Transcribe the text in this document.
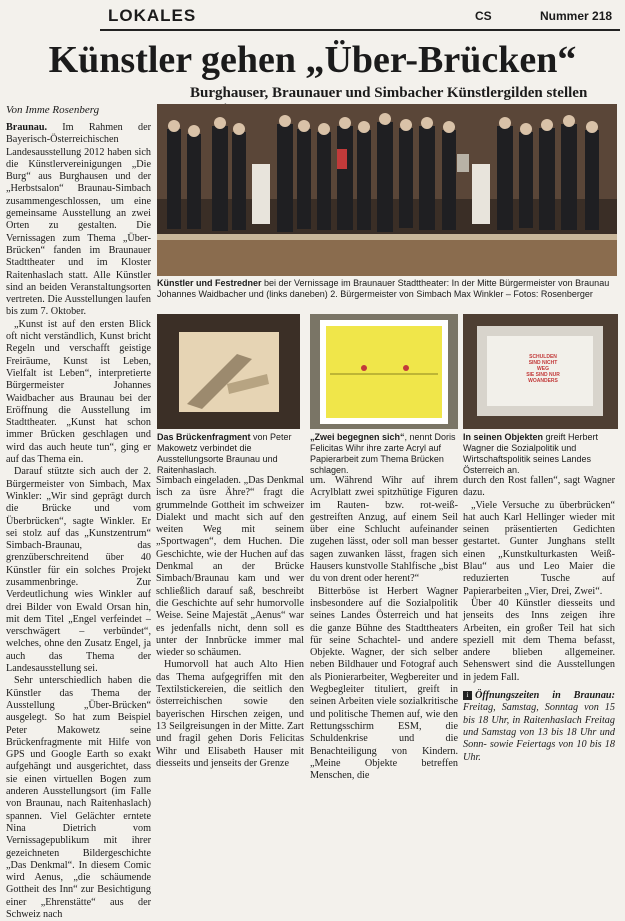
LOKALES	CS	Nummer 218
Künstler gehen „Über-Brücken“
Burghauser, Braunauer und Simbacher Künstlergilden stellen
Von Imme Rosenberg

Braunau. Im Rahmen der Bayerisch-Österreichischen Landesausstellung 2012 haben sich die Künstlervereinigungen „Die Burg“ aus Burghausen und der „Herbstsalon“ Braunau-Simbach zusammengeschlossen, um eine gemeinsame Ausstellung an zwei Orten zu gestalten. Die Vernissagen zum Thema „Über-Brücken“ fanden im Braunauer Stadttheater und im Kloster Raitenhaslach statt. Alle Künstler sind an beiden Veranstaltungsorten vertreten. Die Ausstellungen laufen bis zum 7. Oktober.

„Kunst ist auf den ersten Blick oft nicht verständlich, Kunst bricht Regeln und verschafft geistige Freiräume, Kunst ist Leben, Vielfalt ist Leben“, interpretierte Bürgermeister Johannes Waidbacher aus Braunau bei der Eröffnung die Ausstellung im Stadttheater. „Kunst hat schon immer Brücken geschlagen und wird das auch heute tun“, ging er auf das Thema ein.

Darauf stützte sich auch der 2. Bürgermeister von Simbach, Max Winkler: „Wir sind geprägt durch die Brücke und vom Überbrücken“, sagte Winkler. Er sei stolz auf das „Kunstzentrum“ Simbach-Braunau, das grenzüberschreitend über 40 Künstler für ein solches Projekt zusammenbringe. Zur Verdeutlichung wies Winkler auf drei Bilder von Ewald Orsan hin, mit dem Titel „Engel verfeindet – verschwägert – verbündet“, welches, ohne den Zusatz Engel, ja auch das Thema der Landesausstellung sei.

Sehr unterschiedlich haben die Künstler das Thema der Ausstellung „Über-Brücken“ ausgelegt. So hat zum Beispiel Peter Makowetz seine Brückenfragmente mit Hilfe von GPS und Google Earth so exakt aufgehängt und ausgerichtet, dass sie einen virtuellen Bogen zum anderen Ausstellungsort (im Falle von Braunau, nach Raitenhaslach) spannen. Viel Gelächter erntete Nina Dietrich vom Vernissagepublikum mit ihrer gezeichneten Bildergeschichte „Das Denkmal“. In diesem Comic wird Aenus, „die schäumende Gottheit des Inn“ zur Besichtigung einer „Ehrenstätte“ aus der Schweiz nach

Künstler und Festredner bei der Vernissage im Braunauer Stadttheater: In der Mitte Bürgermeister von Braunau Johannes Waidbacher und (links daneben) 2. Bürgermeister von Simbach Max Winkler – Fotos: Rosenberger
Das Brückenfragment von Peter Makowetz verbindet die Ausstellungsorte Braunau und Raitenhaslach.
„Zwei begegnen sich“, nennt Doris Felicitas Wihr ihre zarte Acryl auf Papierarbeit zum Thema Brücken schlagen.
SCHULDEN
SIND NICHT
WEG
SIE SIND NUR
WOANDERS
In seinen Objekten greift Herbert Wagner die Sozialpolitik und Wirtschaftspolitik seines Landes Österreich an.

Simbach eingeladen. „Das Denkmal isch za üsre Ähre?“ fragt die grummelnde Gottheit im schweizer Dialekt und macht sich auf den weiten Weg mit seinem „Sportwagen“, dem Huchen. Die Geschichte, wie der Huchen auf das Denkmal an der Brücke Simbach/Braunau kam und wer schließlich darauf saß, beschreibt die Geschichte auf sehr humorvolle Weise. Seine Majestät „Aenus“ war es jedenfalls nicht, denn soll es unter der Innbrücke immer mal wieder so schäumen.

Humorvoll hat auch Alto Hien das Thema aufgegriffen mit den Textilstickereien, die seitlich den österreichischen sowie den bayerischen Hirschen zeigen, und 13 Seilgreisungen in der Mitte. Zart und fragil gehen Doris Felicitas Wihr und Elisabeth Hauser mit diesseits und jenseits der Grenze

um. Während Wihr auf ihrem Acrylblatt zwei spitzhütige Figuren im Rauten- bzw. rot-weiß-gestreiften Anzug, auf einem Seil über eine Schlucht aufeinander zugehen lässt, oder soll man besser sagen zuwanken lässt, fragen sich Hausers kunstvolle Stahlfische „bist du von drent oder herent?“

Bitterböse ist Herbert Wagner insbesondere auf die Sozialpolitik seines Landes Österreich und hat die ganze Bühne des Stadttheaters für seine Schachtel- und andere Objekte. Wagner, der sich selber neben Bildhauer und Fotograf auch als Pionierarbeiter, Wegbereiter und Wegbegleiter tituliert, greift in seinen Arbeiten viele sozialkritische und politische Themen auf, wie den Rettungsschirm ESM, die Schuldenkrise und die Benachteiligung von Kindern. „Meine Objekte betreffen Menschen, die

durch den Rost fallen“, sagt Wagner dazu.

„Viele Versuche zu überbrücken“ hat auch Karl Hellinger wieder mit seinen präsentierten Gedichten gestartet. Gunter Junghans stellt einen „Kunstkulturkasten Weiß-Blau“ aus und Leo Maier die reduzierten Tusche auf Papierarbeiten „Vier, Drei, Zwei“.

Über 40 Künstler diesseits und jenseits des Inns zeigen ihre Arbeiten, ein großer Teil hat sich speziell mit dem Thema befasst, andere blieben allgemeiner. Sehenswert sind die Ausstellungen in jedem Fall.

i Öffnungszeiten in Braunau: Freitag, Samstag, Sonntag von 15 bis 18 Uhr, in Raitenhaslach Freitag und Samstag von 13 bis 18 Uhr und Sonn- sowie Feiertags von 10 bis 18 Uhr.
